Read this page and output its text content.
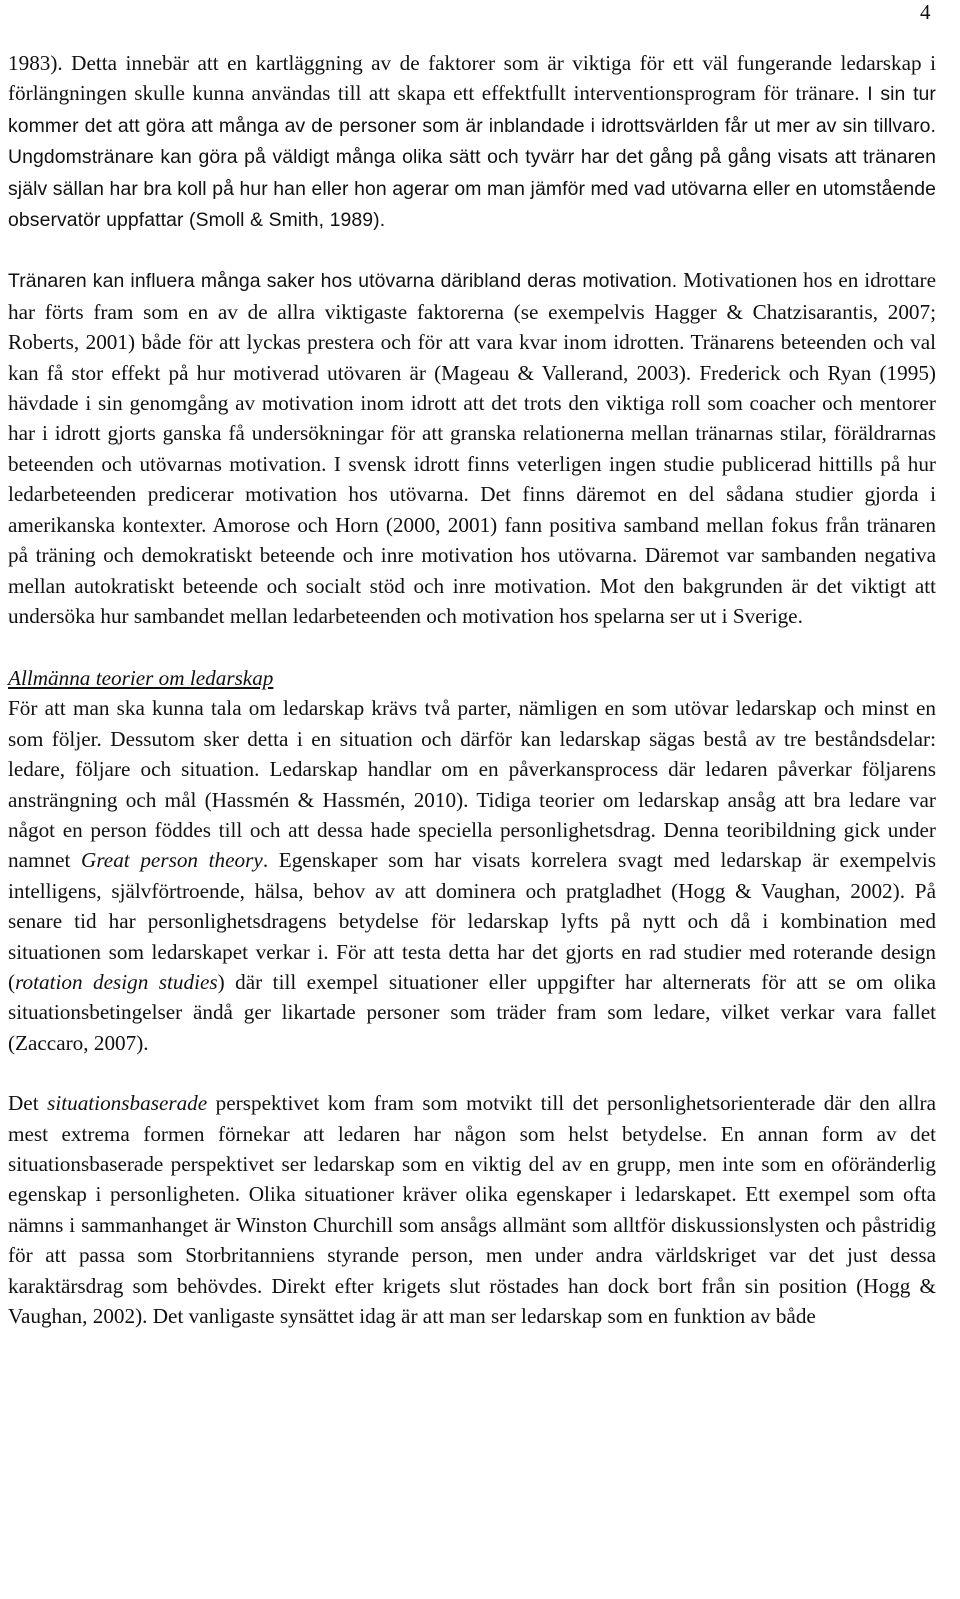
4

1983). Detta innebär att en kartläggning av de faktorer som är viktiga för ett väl fungerande ledarskap i förlängningen skulle kunna användas till att skapa ett effektfullt interventionsprogram för tränare. I sin tur kommer det att göra att många av de personer som är inblandade i idrottsvärlden får ut mer av sin tillvaro. Ungdomstränare kan göra på väldigt många olika sätt och tyvärr har det gång på gång visats att tränaren själv sällan har bra koll på hur han eller hon agerar om man jämför med vad utövarna eller en utomstående observatör uppfattar (Smoll & Smith, 1989).

Tränaren kan influera många saker hos utövarna däribland deras motivation. Motivationen hos en idrottare har förts fram som en av de allra viktigaste faktorerna (se exempelvis Hagger & Chatzisarantis, 2007; Roberts, 2001) både för att lyckas prestera och för att vara kvar inom idrotten. Tränarens beteenden och val kan få stor effekt på hur motiverad utövaren är (Mageau & Vallerand, 2003). Frederick och Ryan (1995) hävdade i sin genomgång av motivation inom idrott att det trots den viktiga roll som coacher och mentorer har i idrott gjorts ganska få undersökningar för att granska relationerna mellan tränarnas stilar, föräldrarnas beteenden och utövarnas motivation. I svensk idrott finns veterligen ingen studie publicerad hittills på hur ledarbeteenden predicerar motivation hos utövarna. Det finns däremot en del sådana studier gjorda i amerikanska kontexter. Amorose och Horn (2000, 2001) fann positiva samband mellan fokus från tränaren på träning och demokratiskt beteende och inre motivation hos utövarna. Däremot var sambanden negativa mellan autokratiskt beteende och socialt stöd och inre motivation. Mot den bakgrunden är det viktigt att undersöka hur sambandet mellan ledarbeteenden och motivation hos spelarna ser ut i Sverige.

Allmänna teorier om ledarskap

För att man ska kunna tala om ledarskap krävs två parter, nämligen en som utövar ledarskap och minst en som följer. Dessutom sker detta i en situation och därför kan ledarskap sägas bestå av tre beståndsdelar: ledare, följare och situation. Ledarskap handlar om en påverkansprocess där ledaren påverkar följarens ansträngning och mål (Hassmén & Hassmén, 2010). Tidiga teorier om ledarskap ansåg att bra ledare var något en person föddes till och att dessa hade speciella personlighetsdrag. Denna teoribildning gick under namnet Great person theory. Egenskaper som har visats korrelera svagt med ledarskap är exempelvis intelligens, självförtroende, hälsa, behov av att dominera och pratgladhet (Hogg & Vaughan, 2002). På senare tid har personlighetsdragens betydelse för ledarskap lyfts på nytt och då i kombination med situationen som ledarskapet verkar i. För att testa detta har det gjorts en rad studier med roterande design (rotation design studies) där till exempel situationer eller uppgifter har alternerats för att se om olika situationsbetingelser ändå ger likartade personer som träder fram som ledare, vilket verkar vara fallet (Zaccaro, 2007).

Det situationsbaserade perspektivet kom fram som motvikt till det personlighetsorienterade där den allra mest extrema formen förnekar att ledaren har någon som helst betydelse. En annan form av det situationsbaserade perspektivet ser ledarskap som en viktig del av en grupp, men inte som en oföränderlig egenskap i personligheten. Olika situationer kräver olika egenskaper i ledarskapet. Ett exempel som ofta nämns i sammanhanget är Winston Churchill som ansågs allmänt som alltför diskussionslysten och påstridig för att passa som Storbritanniens styrande person, men under andra världskriget var det just dessa karaktärsdrag som behövdes. Direkt efter krigets slut röstades han dock bort från sin position (Hogg & Vaughan, 2002). Det vanligaste synsättet idag är att man ser ledarskap som en funktion av både
